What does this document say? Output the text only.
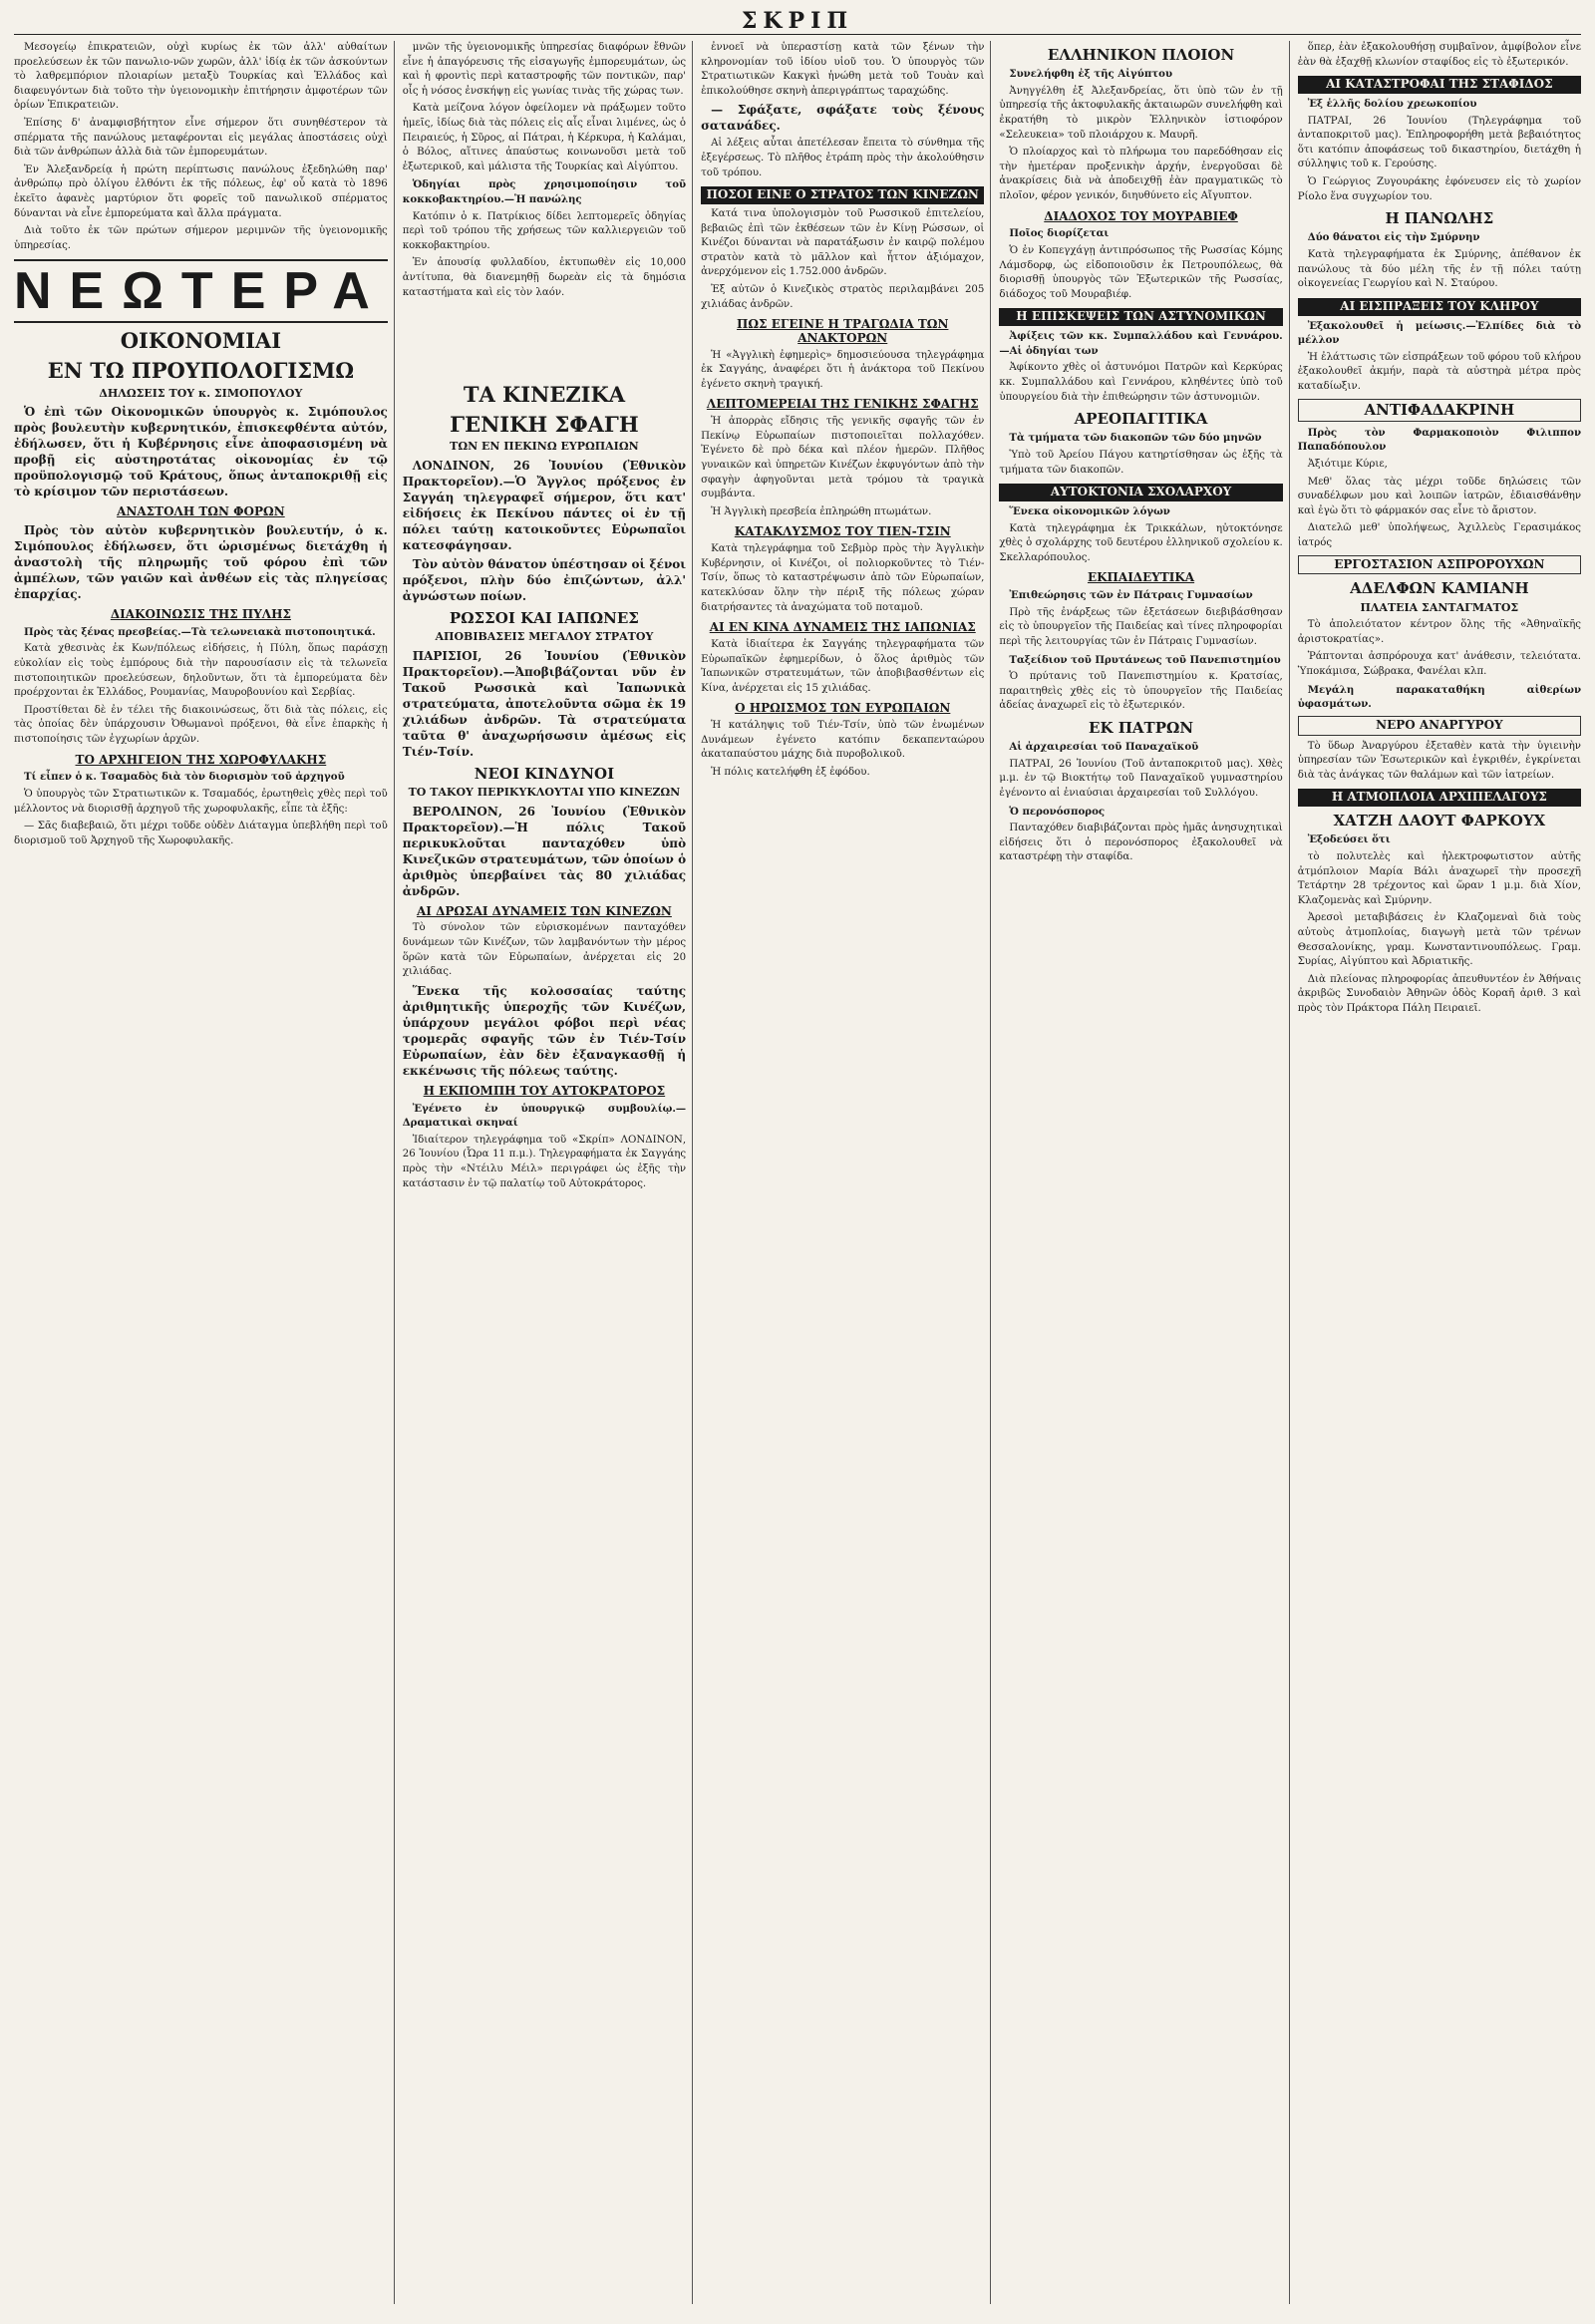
ΣΚΡΙΠ

Μεσογείῳ ἐπικρατειῶν, οὐχὶ κυρίως ἐκ τῶν ἀλλ' αὐθαίτων προελεύσεων ἐκ τῶν πανωλιο-νῶν χωρῶν, ἀλλ' ἰδίᾳ ἐκ τῶν ἀσκούντων τὸ λαθρεμπόριον πλοιαρίων μεταξὺ Τουρκίας καὶ Ἑλλάδος καὶ διαφευγόντων διὰ τοῦτο τὴν ὑγειονομικὴν ἐπιτήρησιν ἀμφοτέρων τῶν ὁρίων Ἐπικρατειῶν.

Ἐπίσης δ' ἀναμφισβήτητον εἶνε σήμερον ὅτι συνηθέστερον τὰ σπέρματα τῆς πανώλους μεταφέρονται εἰς μεγάλας ἀποστάσεις οὐχὶ διὰ τῶν ἀνθρώπων ἀλλὰ διὰ τῶν ἐμπορευμάτων.

Ἐν Ἀλεξανδρείᾳ ἡ πρώτη περίπτωσις πανώλους ἐξεδηλώθη παρ' ἀνθρώπῳ πρὸ ὀλίγου ἐλθόντι ἐκ τῆς πόλεως, ἐφ' οὗ κατὰ τὸ 1896 ἐκεῖτο ἀφανὲς μαρτύριον ὅτι φορεῖς τοῦ πανωλικοῦ σπέρματος δύνανται νὰ εἶνε ἐμπορεύματα καὶ ἄλλα πράγματα.

Διὰ τοῦτο ἐκ τῶν πρώτων σήμερον μεριμνῶν τῆς ὑγειονομικῆς ὑπηρεσίας.

ΝΕΩΤΕΡΑ
ΟΙΚΟΝΟΜΙΑΙ
ΕΝ ΤΩ ΠΡΟΥΠΟΛΟΓΙΣΜΩ
ΔΗΛΩΣΕΙΣ ΤΟΥ κ. ΣΙΜΟΠΟΥΛΟΥ

Ὁ ἐπὶ τῶν Οἰκονομικῶν ὑπουργὸς κ. Σιμόπουλος πρὸς βουλευτὴν κυβερνητικόν, ἐπισκεφθέντα αὐτόν, ἐδήλωσεν, ὅτι ἡ Κυβέρνησις εἶνε ἀποφασισμένη νὰ προβῇ εἰς αὐστηροτάτας οἰκονομίας ἐν τῷ προϋπολογισμῷ τοῦ Κράτους, ὅπως ἀνταποκριθῇ εἰς τὸ κρίσιμον τῶν περιστάσεων.

ΑΝΑΣΤΟΛΗ ΤΩΝ ΦΟΡΩΝ

Πρὸς τὸν αὐτὸν κυβερνητικὸν βουλευτήν, ὁ κ. Σιμόπουλος ἐδήλωσεν, ὅτι ὡρισμένως διετάχθη ἡ ἀναστολὴ τῆς πληρωμῆς τοῦ φόρου ἐπὶ τῶν ἀμπέλων, τῶν γαιῶν καὶ ἀνθέων εἰς τὰς πληγείσας ἐπαρχίας.

ΔΙΑΚΟΙΝΩΣΙΣ ΤΗΣ ΠΥΛΗΣ

Πρὸς τὰς ξένας πρεσβείας.—Τὰ τελωνειακὰ πιστοποιητικά.

Κατὰ χθεσινὰς ἐκ Κων/πόλεως εἰδήσεις, ἡ Πύλη, ὅπως παράσχῃ εὐκολίαν εἰς τοὺς ἐμπόρους διὰ τὴν παρουσίασιν εἰς τὰ τελωνεῖα πιστοποιητικῶν προελεύσεων, δηλοῦντων, ὅτι τὰ ἐμπορεύματα δὲν προέρχονται ἐκ Ἑλλάδος, Ρουμανίας, Μαυροβουνίου καὶ Σερβίας.

Προστίθεται δὲ ἐν τέλει τῆς διακοινώσεως, ὅτι διὰ τὰς πόλεις, εἰς τὰς ὁποίας δὲν ὑπάρχουσιν Ὀθωμανοὶ πρόξενοι, θὰ εἶνε ἐπαρκὴς ἡ πιστοποίησις τῶν ἐγχωρίων ἀρχῶν.

ΤΟ ΑΡΧΗΓΕΙΟΝ ΤΗΣ ΧΩΡΟΦΥΛΑΚΗΣ

Τί εἶπεν ὁ κ. Τσαμαδὸς διὰ τὸν διορισμὸν τοῦ ἀρχηγοῦ

Ὁ ὑπουργὸς τῶν Στρατιωτικῶν κ. Τσαμαδός, ἐρωτηθεὶς χθὲς περὶ τοῦ μέλλοντος νὰ διορισθῇ ἀρχηγοῦ τῆς χωροφυλακῆς, εἶπε τὰ ἑξῆς:

— Σᾶς διαβεβαιῶ, ὅτι μέχρι τοῦδε οὐδὲν Διάταγμα ὑπεβλήθη περὶ τοῦ διορισμοῦ τοῦ Ἀρχηγοῦ τῆς Χωροφυλακῆς.

μνῶν τῆς ὑγειονομικῆς ὑπηρεσίας διαφόρων ἔθνῶν εἶνε ἡ ἀπαγόρευσις τῆς εἰσαγωγῆς ἐμπορευμάτων, ὡς καὶ ἡ φροντὶς περὶ καταστροφῆς τῶν ποντικῶν, παρ' οἷς ἡ νόσος ἐνσκήψῃ εἰς γωνίας τινὰς τῆς χώρας των.

Κατὰ μείζονα λόγον ὀφείλομεν νὰ πράξωμεν τοῦτο ἡμεῖς, ἰδίως διὰ τὰς πόλεις εἰς αἷς εἶναι λιμένες, ὡς ὁ Πειραιεύς, ἡ Σῦρος, αἱ Πάτραι, ἡ Κέρκυρα, ἡ Καλάμαι, ὁ Βόλος, αἵτινες ἀπαύστως κοινωνοῦσι μετὰ τοῦ ἐξωτερικοῦ, καὶ μάλιστα τῆς Τουρκίας καὶ Αἰγύπτου.

Ὁδηγίαι πρὸς χρησιμοποίησιν τοῦ κοκκοβακτηρίου.—Ἡ πανώλης

Κατόπιν ὁ κ. Πατρίκιος δίδει λεπτομερεῖς ὁδηγίας περὶ τοῦ τρόπου τῆς χρήσεως τῶν καλλιεργειῶν τοῦ κοκκοβακτηρίου.

Ἐν ἀπουσίᾳ φυλλαδίου, ἐκτυπωθὲν εἰς 10,000 ἀντίτυπα, θὰ διανεμηθῇ δωρεὰν εἰς τὰ δημόσια καταστήματα καὶ εἰς τὸν λαόν.

ΤΑ ΚΙΝΕΖΙΚΑ
ΓΕΝΙΚΗ ΣΦΑΓΗ
ΤΩΝ ΕΝ ΠΕΚΙΝΩ ΕΥΡΩΠΑΙΩΝ

ΛΟΝΔΙΝΟΝ, 26 Ἰουνίου (Ἐθνικὸν Πρακτορεῖον).—Ὁ Ἄγγλος πρόξενος ἐν Σαγγάη τηλεγραφεῖ σήμερον, ὅτι κατ' εἰδήσεις ἐκ Πεκίνου πάντες οἱ ἐν τῇ πόλει ταύτῃ κατοικοῦντες Εὐρωπαῖοι κατεσφάγησαν.

Τὸν αὐτὸν θάνατον ὑπέστησαν οἱ ξένοι πρόξενοι, πλὴν δύο ἐπιζώντων, ἀλλ' ἀγνώστων ποίων.

ΡΩΣΣΟΙ ΚΑΙ ΙΑΠΩΝΕΣ
ΑΠΟΒΙΒΑΣΕΙΣ ΜΕΓΑΛΟΥ ΣΤΡΑΤΟΥ

ΠΑΡΙΣΙΟΙ, 26 Ἰουνίου (Ἐθνικὸν Πρακτορεῖον).—Ἀποβιβάζονται νῦν ἐν Τακοῦ Ρωσσικὰ καὶ Ἰαπωνικὰ στρατεύματα, ἀποτελοῦντα σῶμα ἐκ 19 χιλιάδων ἀνδρῶν. Τὰ στρατεύματα ταῦτα θ' ἀναχωρήσωσιν ἀμέσως εἰς Τιέν-Τσίν.

ΝΕΟΙ ΚΙΝΔΥΝΟΙ
ΤΟ ΤΑΚΟΥ ΠΕΡΙΚΥΚΛΟΥΤΑΙ ΥΠΟ ΚΙΝΕΖΩΝ

ΒΕΡΟΛΙΝΟΝ, 26 Ἰουνίου (Ἐθνικὸν Πρακτορεῖον).—Ἡ πόλις Τακοῦ περικυκλοῦται πανταχόθεν ὑπὸ Κινεζικῶν στρατευμάτων, τῶν ὁποίων ὁ ἀριθμὸς ὑπερβαίνει τὰς 80 χιλιάδας ἀνδρῶν.

ΑΙ ΔΡΩΣΑΙ ΔΥΝΑΜΕΙΣ ΤΩΝ ΚΙΝΕΖΩΝ

Τὸ σύνολον τῶν εὑρισκομένων πανταχόθεν δυνάμεων τῶν Κινέζων, τῶν λαμβανόντων τὴν μέρος ὅρῶν κατὰ τῶν Εὐρωπαίων, ἀνέρχεται εἰς 20 χιλιάδας.

Ἕνεκα τῆς κολοσσαίας ταύτης ἀριθμητικῆς ὑπεροχῆς τῶν Κινέζων, ὑπάρχουν μεγάλοι φόβοι περὶ νέας τρομερᾶς σφαγῆς τῶν ἐν Τιέν-Τσίν Εὐρωπαίων, ἐὰν δὲν ἐξαναγκασθῇ ἡ εκκένωσις τῆς πόλεως ταύτης.

Η ΕΚΠΟΜΠΗ ΤΟΥ ΑΥΤΟΚΡΑΤΟΡΟΣ

Ἐγένετο ἐν ὑπουργικῷ συμβουλίῳ.—Δραματικαὶ σκηναί

Ἰδιαίτερον τηλεγράφημα τοῦ «Σκρίπ» ΛΟΝΔΙΝΟΝ, 26 Ἰουνίου (Ὦρα 11 π.μ.). Τηλεγραφήματα ἐκ Σαγγάης πρὸς τὴν «Ντέιλυ Μέιλ» περιγράφει ὡς ἑξῆς τὴν κατάστασιν ἐν τῷ παλατίῳ τοῦ Αὐτοκράτορος.

ἐννοεῖ νὰ ὑπεραστίσῃ κατὰ τῶν ξένων τὴν κληρονομίαν τοῦ ἰδίου υἱοῦ του. Ὁ ὑπουργὸς τῶν Στρατιωτικῶν Κακγκὶ ἡνώθη μετὰ τοῦ Τουὰν καὶ ἐπικολούθησε σκηνὴ ἀπεριγράπτως ταραχώδης.

— Σφάξατε, σφάξατε τοὺς ξένους σατανάδες.

Αἱ λέξεις αὗται ἀπετέλεσαν ἔπειτα τὸ σύνθημα τῆς ἐξεγέρσεως. Τὸ πλῆθος ἐτράπη πρὸς τὴν ἀκολούθησιν τοῦ τρόπου.

ΠΟΣΟΙ ΕΙΝΕ Ο ΣΤΡΑΤΟΣ ΤΩΝ ΚΙΝΕΖΩΝ

Κατά τινα ὑπολογισμὸν τοῦ Ρωσσικοῦ ἐπιτελείου, βεβαιῶς ἐπὶ τῶν ἐκθέσεων τῶν ἐν Κίνῃ Ρώσσων, οἱ Κινέζοι δύνανται νὰ παρατάξωσιν ἐν καιρῷ πολέμου στρατὸν κατὰ τὸ μᾶλλον καὶ ἧττον ἀξιόμαχον, ἀνερχόμενον εἰς 1.752.000 ἀνδρῶν.

Ἐξ αὐτῶν ὁ Κινεζικὸς στρατὸς περιλαμβάνει 205 χιλιάδας ἀνδρῶν.

ΠΩΣ ΕΓΕΙΝΕ Η ΤΡΑΓΩΔΙΑ ΤΩΝ ΑΝΑΚΤΟΡΩΝ

Ἡ «Ἀγγλικὴ ἐφημερὶς» δημοσιεύουσα τηλεγράφημα ἐκ Σαγγάης, ἀναφέρει ὅτι ἡ ἀνάκτορα τοῦ Πεκίνου ἐγένετο σκηνὴ τραγική.

ΛΕΠΤΟΜΕΡΕΙΑΙ ΤΗΣ ΓΕΝΙΚΗΣ ΣΦΑΓΗΣ

Ἡ ἀπορρὰς εἴδησις τῆς γενικῆς σφαγῆς τῶν ἐν Πεκίνῳ Εὐρωπαίων πιστοποιεῖται πολλαχόθεν. Ἐγένετο δὲ πρὸ δέκα καὶ πλέον ἡμερῶν. Πλῆθος γυναικῶν καὶ ὑπηρετῶν Κινέζων ἐκφυγόντων ἀπὸ τὴν σφαγὴν ἀφηγοῦνται μετὰ τρόμου τὰ τραγικὰ συμβάντα.

Ἡ Ἀγγλικὴ πρεσβεία ἐπληρώθη πτωμάτων.

ΚΑΤΑΚΛΥΣΜΟΣ ΤΟΥ ΤΙΕΝ-ΤΣΙΝ

Κατὰ τηλεγράφημα τοῦ Σεβμὸρ πρὸς τὴν Ἀγγλικὴν Κυβέρνησιν, οἱ Κινέζοι, οἱ πολιορκοῦντες τὸ Τιέν-Τσίν, ὅπως τὸ καταστρέψωσιν ἀπὸ τῶν Εὐρωπαίων, κατεκλύσαν ὅλην τὴν πέριξ τῆς πόλεως χώραν διατρήσαντες τὰ ἀναχώματα τοῦ ποταμοῦ.

ΑΙ ΕΝ ΚΙΝΑ ΔΥΝΑΜΕΙΣ ΤΗΣ ΙΑΠΩΝΙΑΣ

Κατὰ ἰδιαίτερα ἐκ Σαγγάης τηλεγραφήματα τῶν Εὐρωπαϊκῶν ἐφημερίδων, ὁ ὅλος ἀριθμὸς τῶν Ἰαπωνικῶν στρατευμάτων, τῶν ἀποβιβασθέντων εἰς Κίνα, ἀνέρχεται εἰς 15 χιλιάδας.

Ο ΗΡΩΙΣΜΟΣ ΤΩΝ ΕΥΡΩΠΑΙΩΝ

Ἡ κατάληψις τοῦ Τιέν-Τσίν, ὑπὸ τῶν ἐνωμένων Δυνάμεων ἐγένετο κατόπιν δεκαπενταώρου ἀκαταπαύστου μάχης διὰ πυροβολικοῦ.

Ἡ πόλις κατελήφθη ἐξ ἐφόδου.

ΕΛΛΗΝΙΚΟΝ ΠΛΟΙΟΝ

Συνελήφθη ἐξ τῆς Αἰγύπτου

Ἀνηγγέλθη ἐξ Ἀλεξανδρείας, ὅτι ὑπὸ τῶν ἐν τῇ ὑπηρεσίᾳ τῆς ἀκτοφυλακῆς ἀκταιωρῶν συνελήφθη καὶ ἐκρατήθη τὸ μικρὸν Ἑλληνικὸν ἱστιοφόρον «Σελευκεια» τοῦ πλοιάρχου κ. Μαυρῆ.

Ὁ πλοίαρχος καὶ τὸ πλήρωμα του παρεδόθησαν εἰς τὴν ἡμετέραν προξενικὴν ἀρχήν, ἐνεργοῦσαι δὲ ἀνακρίσεις διὰ νὰ ἀποδειχθῇ ἐὰν πραγματικῶς τὸ πλοῖον, φέρον γενικόν, διηυθύνετο εἰς Αἴγυπτον.

ΔΙΑΔΟΧΟΣ ΤΟΥ ΜΟΥΡΑΒΙΕΦ

Ποῖος διορίζεται

Ὁ ἐν Κοπεγχάγῃ ἀντιπρόσωπος τῆς Ρωσσίας Κόμης Λάμσδορφ, ὡς εἰδοποιοῦσιν ἐκ Πετρουπόλεως, θὰ διορισθῇ ὑπουργὸς τῶν Ἐξωτερικῶν τῆς Ρωσσίας, διάδοχος τοῦ Μουραβιέφ.

Η ΕΠΙΣΚΕΨΕΙΣ ΤΩΝ ΑΣΤΥΝΟΜΙΚΩΝ

Ἀφίξεις τῶν κκ. Συμπαλλάδου καὶ Γεννάρου.—Αἱ ὁδηγίαι των

Ἀφίκοντο χθὲς οἱ ἀστυνόμοι Πατρῶν καὶ Κερκύρας κκ. Συμπαλλάδου καὶ Γεννάρου, κληθέντες ὑπὸ τοῦ ὑπουργείου διὰ τὴν ἐπιθεώρησιν τῶν ἀστυνομιῶν.

ΑΡΕΟΠΑΓΙΤΙΚΑ

Τὰ τμήματα τῶν διακοπῶν τῶν δύο μηνῶν

Ὑπὸ τοῦ Ἀρείου Πάγου κατηρτίσθησαν ὡς ἑξῆς τὰ τμήματα τῶν διακοπῶν.

ΑΥΤΟΚΤΟΝΙΑ ΣΧΟΛΑΡΧΟΥ

Ἕνεκα οἰκονομικῶν λόγων

Κατὰ τηλεγράφημα ἐκ Τρικκάλων, ηὐτοκτόνησε χθὲς ὁ σχολάρχης τοῦ δευτέρου ἑλληνικοῦ σχολείου κ. Σκελλαρόπουλος.

ΕΚΠΑΙΔΕΥΤΙΚΑ

Ἐπιθεώρησις τῶν ἐν Πάτραις Γυμνασίων

Πρὸ τῆς ἐνάρξεως τῶν ἐξετάσεων διεβιβάσθησαν εἰς τὸ ὑπουργεῖον τῆς Παιδείας καὶ τίνες πληροφορίαι περὶ τῆς λειτουργίας τῶν ἐν Πάτραις Γυμνασίων.

Ταξείδιον τοῦ Πρυτάνεως τοῦ Πανεπιστημίου

Ὁ πρύτανις τοῦ Πανεπιστημίου κ. Κρατσίας, παραιτηθεὶς χθὲς εἰς τὸ ὑπουργεῖον τῆς Παιδείας ἀδείας ἀναχωρεῖ εἰς τὸ ἐξωτερικόν.

ΕΚ ΠΑΤΡΩΝ

Αἱ ἀρχαιρεσίαι τοῦ Παναχαϊκοῦ

ΠΑΤΡΑΙ, 26 Ἰουνίου (Τοῦ ἀνταποκριτοῦ μας). Χθὲς μ.μ. ἐν τῷ Βιοκτήτῳ τοῦ Παναχαϊκοῦ γυμναστηρίου ἐγένοντο αἱ ἐνιαύσιαι ἀρχαιρεσίαι τοῦ Συλλόγου.

Ὁ περονόσπορος

Πανταχόθεν διαβιβάζονται πρὸς ἡμᾶς ἀνησυχητικαὶ εἰδήσεις ὅτι ὁ περονόσπορος ἐξακολουθεῖ νὰ καταστρέφῃ τὴν σταφίδα.

ὅπερ, ἐὰν ἐξακολουθήσῃ συμβαῖνον, ἀμφίβολον εἶνε ἐὰν θὰ ἐξαχθῇ κλωνίον σταφίδος εἰς τὸ ἐξωτερικόν.

ΑΙ ΚΑΤΑΣΤΡΟΦΑΙ ΤΗΣ ΣΤΑΦΙΔΟΣ

Ἐξ ἑλλῆς δολίου χρεωκοπίου

ΠΑΤΡΑΙ, 26 Ἰουνίου (Τηλεγράφημα τοῦ ἀνταποκριτοῦ μας). Ἐπληροφορήθη μετὰ βεβαιότητος ὅτι κατόπιν ἀποφάσεως τοῦ δικαστηρίου, διετάχθη ἡ σύλληψις τοῦ κ. Γερούσης.

Ὁ Γεώργιος Ζυγουράκης ἐφόνευσεν εἰς τὸ χωρίον Ρίολο ἕνα συγχωρίον του.

Η ΠΑΝΩΛΗΣ

Δύο θάνατοι εἰς τὴν Σμύρνην

Κατὰ τηλεγραφήματα ἐκ Σμύρνης, ἀπέθανον ἐκ πανώλους τὰ δύο μέλη τῆς ἐν τῇ πόλει ταύτῃ οἰκογενείας Γεωργίου καὶ Ν. Σταύρου.

ΑΙ ΕΙΣΠΡΑΞΕΙΣ ΤΟΥ ΚΛΗΡΟΥ

Ἐξακολουθεῖ ἡ μείωσις.—Ἐλπίδες διὰ τὸ μέλλον

Ἡ ἐλάττωσις τῶν εἰσπράξεων τοῦ φόρου τοῦ κλήρου ἐξακολουθεῖ ἀκμήν, παρὰ τὰ αὐστηρὰ μέτρα πρὸς καταδίωξιν.

ΑΝΤΙΦΑΔΑΚΡΙΝΗ

Πρὸς τὸν Φαρμακοποιὸν Φιλιππον Παπαδόπουλον

Ἀξιότιμε Κύριε,

Μεθ' ὅλας τὰς μέχρι τοῦδε δηλώσεις τῶν συναδέλφων μου καὶ λοιπῶν ἰατρῶν, ἐδιαισθάνθην καὶ ἐγὼ ὅτι τὸ φάρμακόν σας εἶνε τὸ ἄριστον.

Διατελῶ μεθ' ὑπολήψεως, Ἀχιλλεὺς Γερασιμάκος ἰατρός

ΕΡΓΟΣΤΑΣΙΟΝ ΑΣΠΡΟΡΟΥΧΩΝ
ΑΔΕΛΦΩΝ ΚΑΜΙΑΝΗ
ΠΛΑΤΕΙΑ ΣΑΝΤΑΓΜΑΤΟΣ

Τὸ ἀπολειότατον κέντρον ὅλης τῆς «Ἀθηναϊκῆς ἀριστοκρατίας».

Ῥάπτονται ἀσπρόρουχα κατ' ἀνάθεσιν, τελειότατα. Ὑποκάμισα, Σώβρακα, Φανέλαι κλπ.

Μεγάλη παρακαταθήκη αἰθερίων ὑφασμάτων.

ΝΕΡΟ ΑΝΑΡΓΥΡΟΥ

Τὸ ὕδωρ Ἀναργύρου ἐξεταθὲν κατὰ τὴν ὑγιεινὴν ὑπηρεσίαν τῶν Ἐσωτερικῶν καὶ ἐγκριθέν, ἐγκρίνεται διὰ τὰς ἀνάγκας τῶν θαλάμων καὶ τῶν ἰατρείων.

Η ΑΤΜΟΠΛΟΙΑ ΑΡΧΙΠΕΛΑΓΟΥΣ
ΧΑΤΖΗ ΔΑΟΥΤ ΦΑΡΚΟΥΧ

Ἐξοδεύσει ὅτι

τὸ πολυτελὲς καὶ ἠλεκτροφωτιστον αὐτῆς ἀτμόπλοιον Μαρία Βάλι ἀναχωρεῖ τὴν προσεχῆ Τετάρτην 28 τρέχοντος καὶ ὥραν 1 μ.μ. διὰ Χίον, Κλαζομενὰς καὶ Σμύρνην.

Ἀρεσοὶ μεταβιβάσεις ἐν Κλαζομεναὶ διὰ τοὺς αὐτοὺς ἀτμοπλοίας, διαγωγὴ μετὰ τῶν τρένων Θεσσαλονίκης, γραμ. Κωνσταντινουπόλεως. Γραμ. Συρίας, Αἰγύπτου καὶ Ἀδριατικῆς.

Διὰ πλείονας πληροφορίας ἀπευθυντέον ἐν Ἀθήναις ἀκριβῶς Συνοδαιὸν Ἀθηνῶν ὁδὸς Κοραῆ ἀριθ. 3 καὶ πρὸς τὸν Πράκτορα Πάλη Πειραιεῖ.
